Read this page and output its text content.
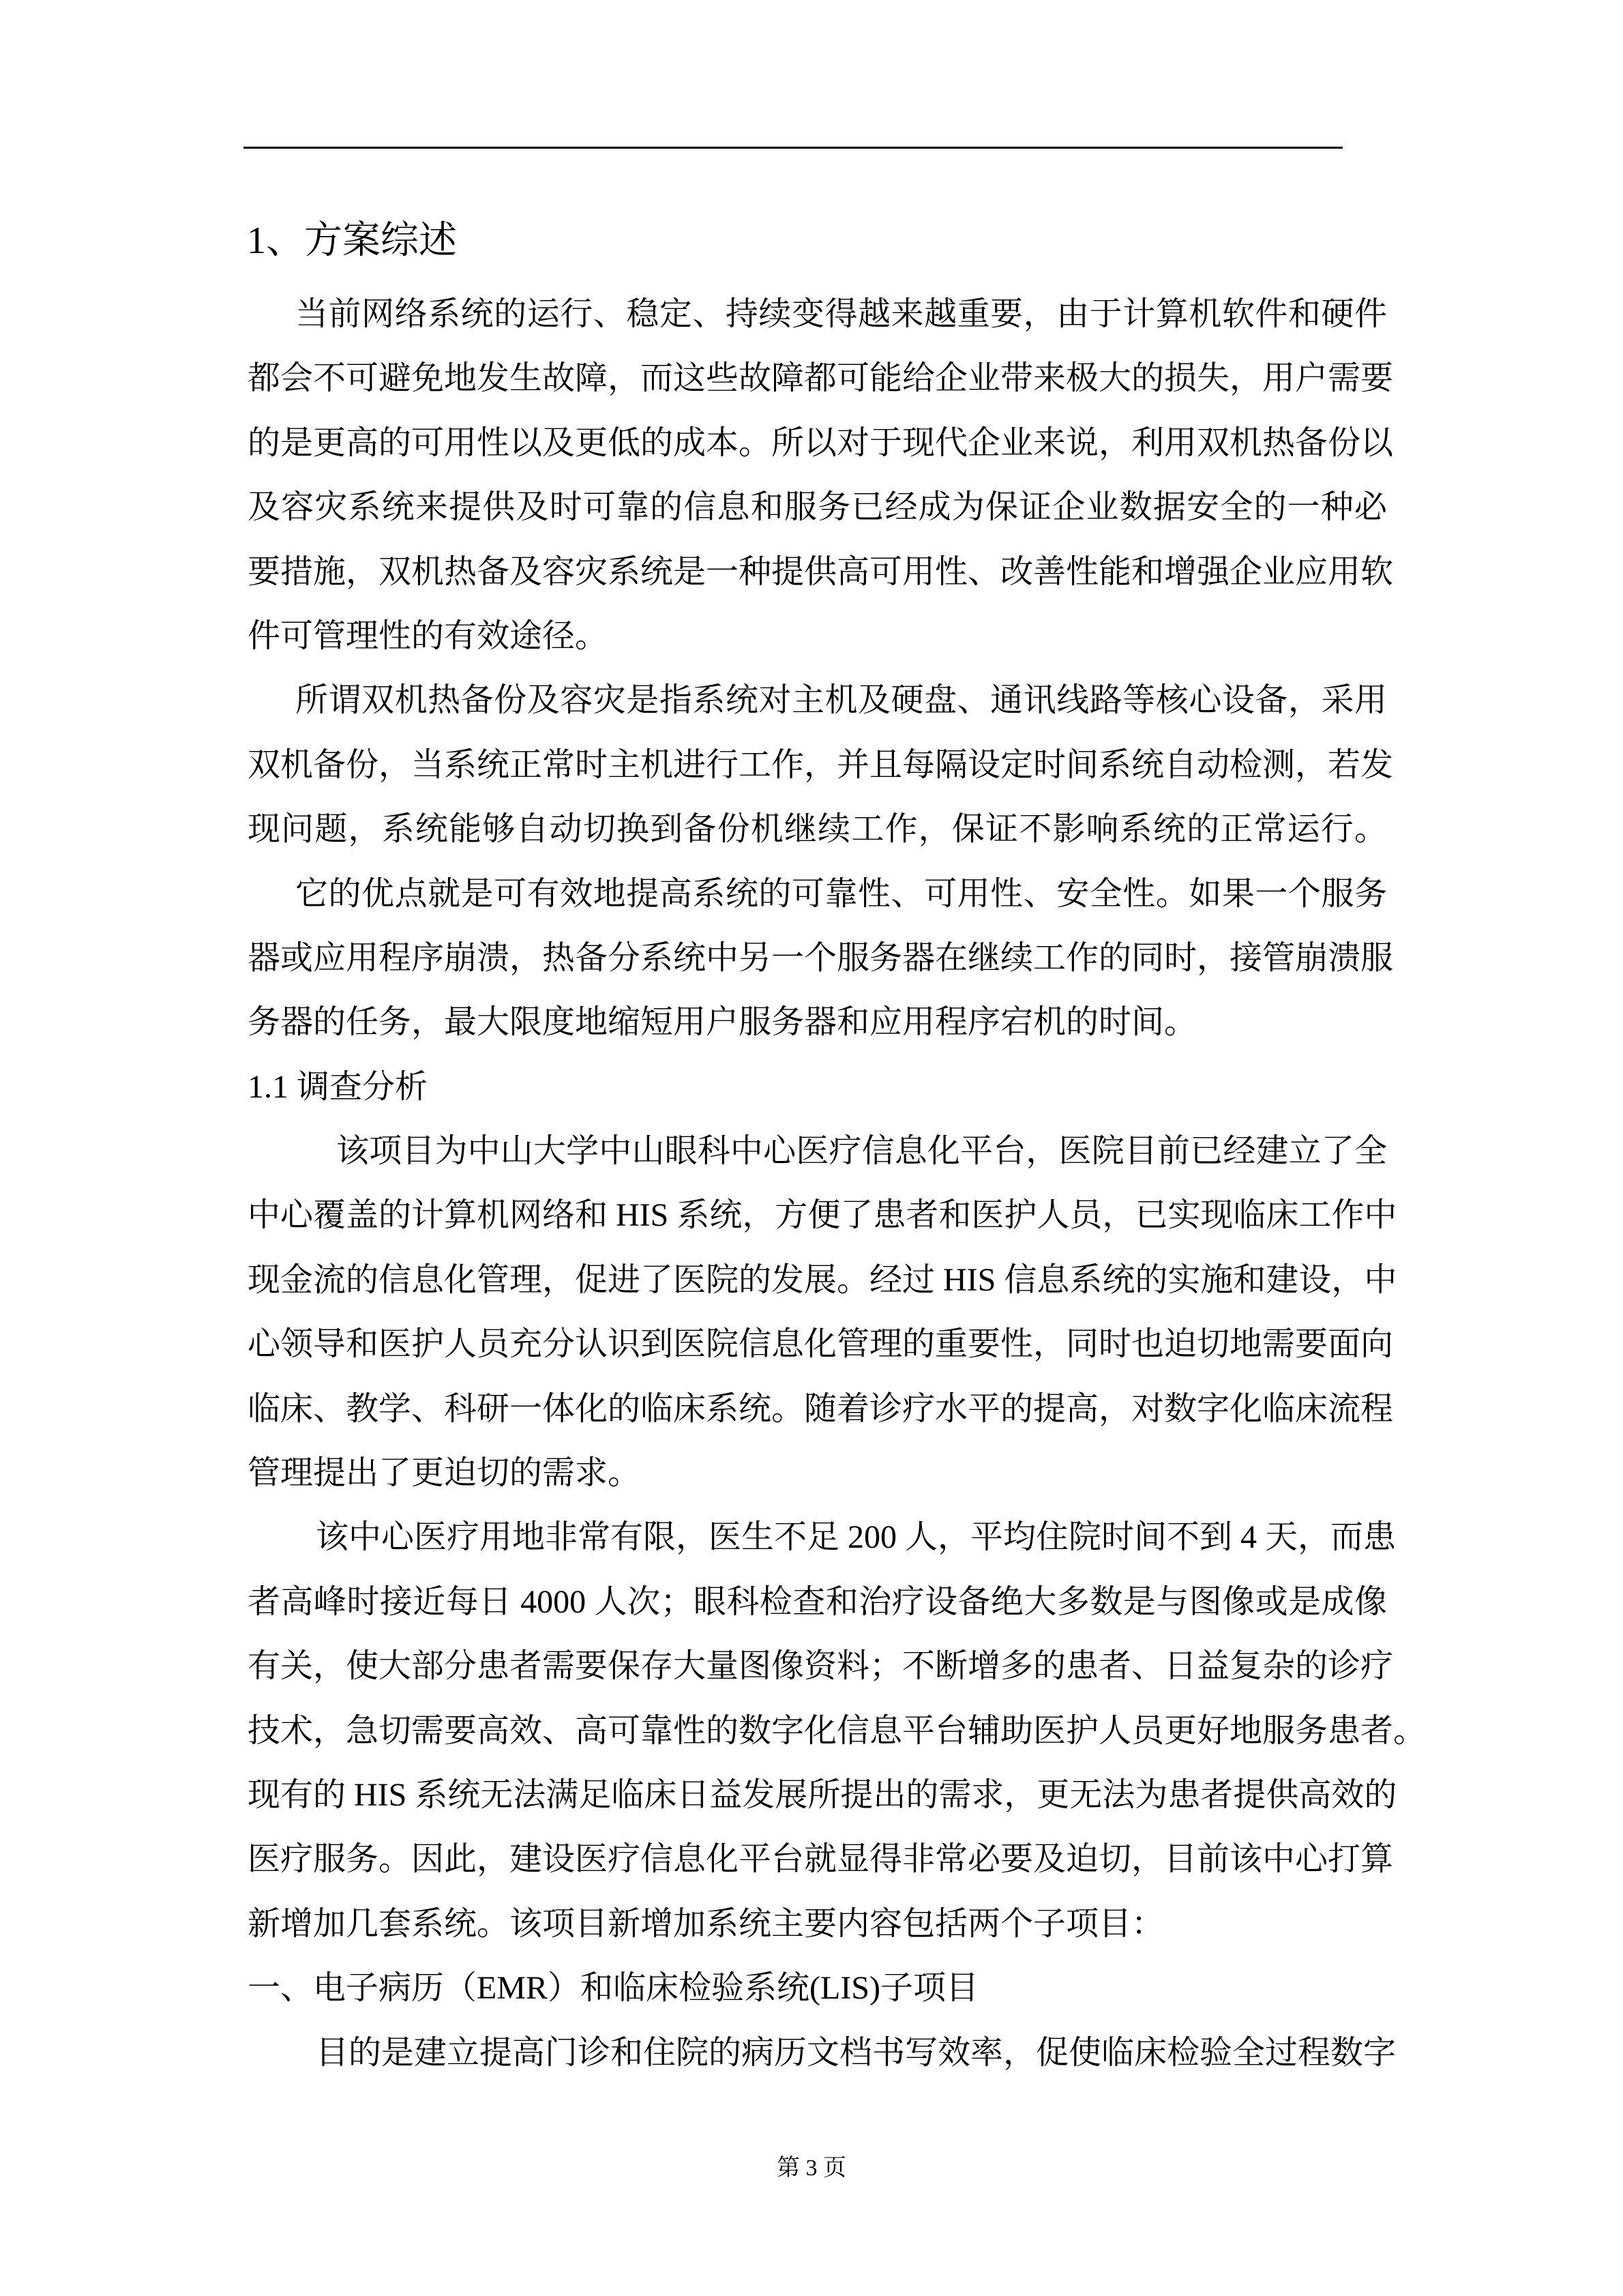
1、方案综述
当前网络系统的运行、稳定、持续变得越来越重要，由于计算机软件和硬件
都会不可避免地发生故障，而这些故障都可能给企业带来极大的损失，用户需要
的是更高的可用性以及更低的成本。所以对于现代企业来说，利用双机热备份以
及容灾系统来提供及时可靠的信息和服务已经成为保证企业数据安全的一种必
要措施，双机热备及容灾系统是一种提供高可用性、改善性能和增强企业应用软
件可管理性的有效途径。
所谓双机热备份及容灾是指系统对主机及硬盘、通讯线路等核心设备，采用
双机备份，当系统正常时主机进行工作，并且每隔设定时间系统自动检测，若发
现问题，系统能够自动切换到备份机继续工作，保证不影响系统的正常运行。
它的优点就是可有效地提高系统的可靠性、可用性、安全性。如果一个服务
器或应用程序崩溃，热备分系统中另一个服务器在继续工作的同时，接管崩溃服
务器的任务，最大限度地缩短用户服务器和应用程序宕机的时间。
1.1 调查分析
该项目为中山大学中山眼科中心医疗信息化平台，医院目前已经建立了全
中心覆盖的计算机网络和 HIS 系统，方便了患者和医护人员，已实现临床工作中
现金流的信息化管理，促进了医院的发展。经过 HIS 信息系统的实施和建设，中
心领导和医护人员充分认识到医院信息化管理的重要性，同时也迫切地需要面向
临床、教学、科研一体化的临床系统。随着诊疗水平的提高，对数字化临床流程
管理提出了更迫切的需求。
该中心医疗用地非常有限，医生不足 200 人，平均住院时间不到 4 天，而患
者高峰时接近每日 4000 人次；眼科检查和治疗设备绝大多数是与图像或是成像
有关，使大部分患者需要保存大量图像资料；不断增多的患者、日益复杂的诊疗
技术，急切需要高效、高可靠性的数字化信息平台辅助医护人员更好地服务患者。
现有的 HIS 系统无法满足临床日益发展所提出的需求，更无法为患者提供高效的
医疗服务。因此，建设医疗信息化平台就显得非常必要及迫切，目前该中心打算
新增加几套系统。该项目新增加系统主要内容包括两个子项目：
一、电子病历（EMR）和临床检验系统(LIS)子项目
目的是建立提高门诊和住院的病历文档书写效率，促使临床检验全过程数字
第 3 页
